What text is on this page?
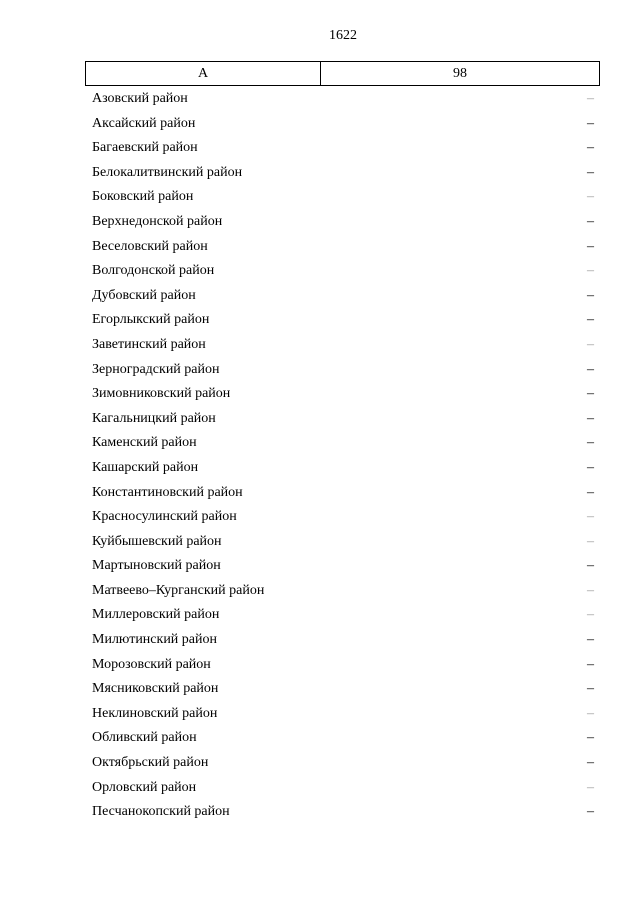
1622
А	98
Азовский район	–
Аксайский район	–
Багаевский район	–
Белокалитвинский район	–
Боковский район	–
Верхнедонской район	–
Веселовский район	–
Волгодонской район	–
Дубовский район	–
Егорлыкский район	–
Заветинский район	–
Зерноградский район	–
Зимовниковский район	–
Кагальницкий район	–
Каменский район	–
Кашарский район	–
Константиновский район	–
Красносулинский район	–
Куйбышевский район	–
Мартыновский район	–
Матвеево–Курганский район	–
Миллеровский район	–
Милютинский район	–
Морозовский район	–
Мясниковский район	–
Неклиновский район	–
Обливский район	–
Октябрьский район	–
Орловский район	–
Песчанокопский район	–
